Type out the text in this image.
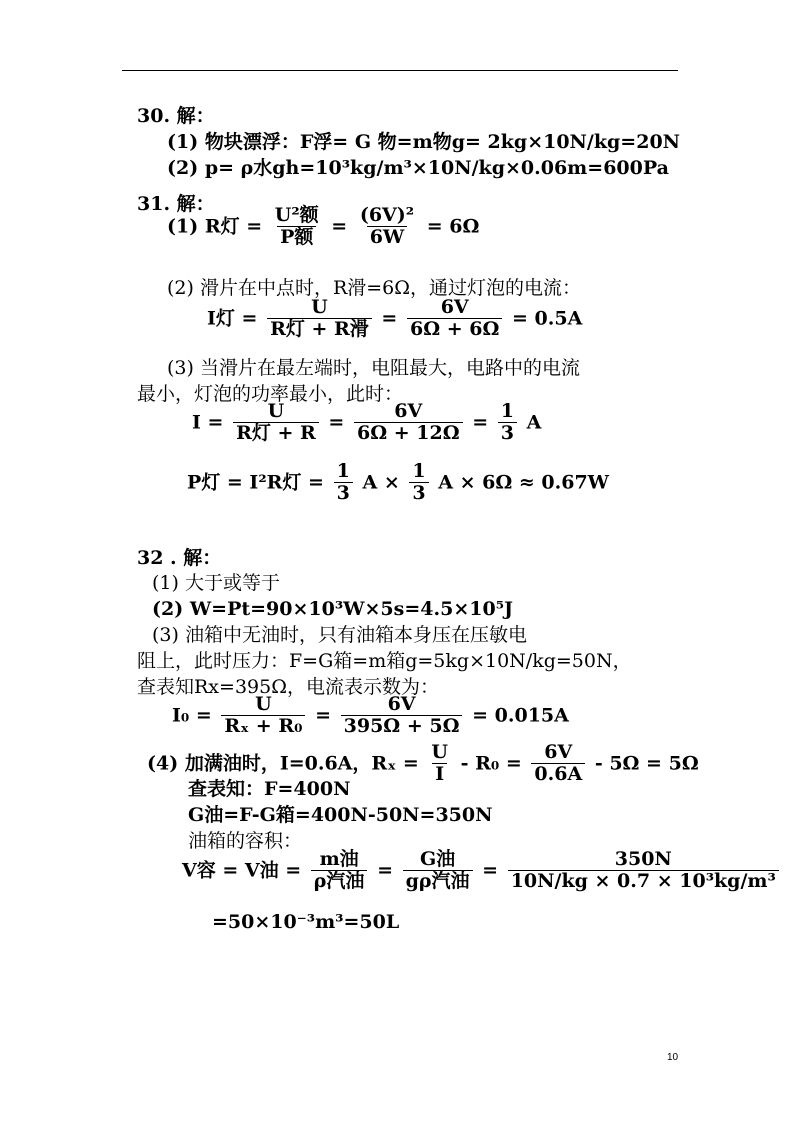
30. 解：
(1) 物块漂浮：F浮= G 物=m物g= 2kg×10N/kg=20N
(2) p= ρ水gh=10³kg/m³×10N/kg×0.06m=600Pa
31. 解：
(1) R灯 = $\frac{\text{U²额}}{\text{P额}} = \frac{\text{(6V)²}}{6W} = 6\Omega$
(2) 滑片在中点时，R滑=6Ω，通过灯泡的电流：
I灯 = $\frac{U}{\text{R灯 + R滑}} = \frac{6V}{6\Omega + 6\Omega} = 0.5A$
(3) 当滑片在最左端时，电阻最大，电路中的电流
最小，灯泡的功率最小，此时：
$I = \frac{U}{\text{R灯 + R}} = \frac{6V}{6\Omega + 12\Omega} = \frac{1}{3}$ A
P灯 = I²R灯 = $\frac{1}{3}$ $A \times \frac{1}{3}$ A × 6Ω ≈ 0.67W
32 . 解：
(1) 大于或等于
(2) W=Pt=90×10³W×5s=4.5×10⁵J
(3) 油箱中无油时，只有油箱本身压在压敏电
阻上，此时压力：F=G箱=m箱g=5kg×10N/kg=50N，
查表知Rx=395Ω，电流表示数为：
$I_0 = \frac{U}{\text{Rₓ + R₀}} = \frac{6V}{395\Omega + 5\Omega} = 0.015A$
(4) 加满油时，I=0.6A，$R_x = \frac{U}{I} - R_0 = \frac{6V}{0.6A} - 5\Omega = 5\Omega$
查表知：F=400N
G油=F-G箱=400N-50N=350N
油箱的容积：
V容 = V油 = $\frac{\text{m油}}{\text{ρ汽油}} = \frac{\text{G油}}{\text{gρ汽油}} = \frac{350N}{\text{10N/kg × 0.7 × 10³kg/m³}}$
=50×10⁻³m³=50L
10
